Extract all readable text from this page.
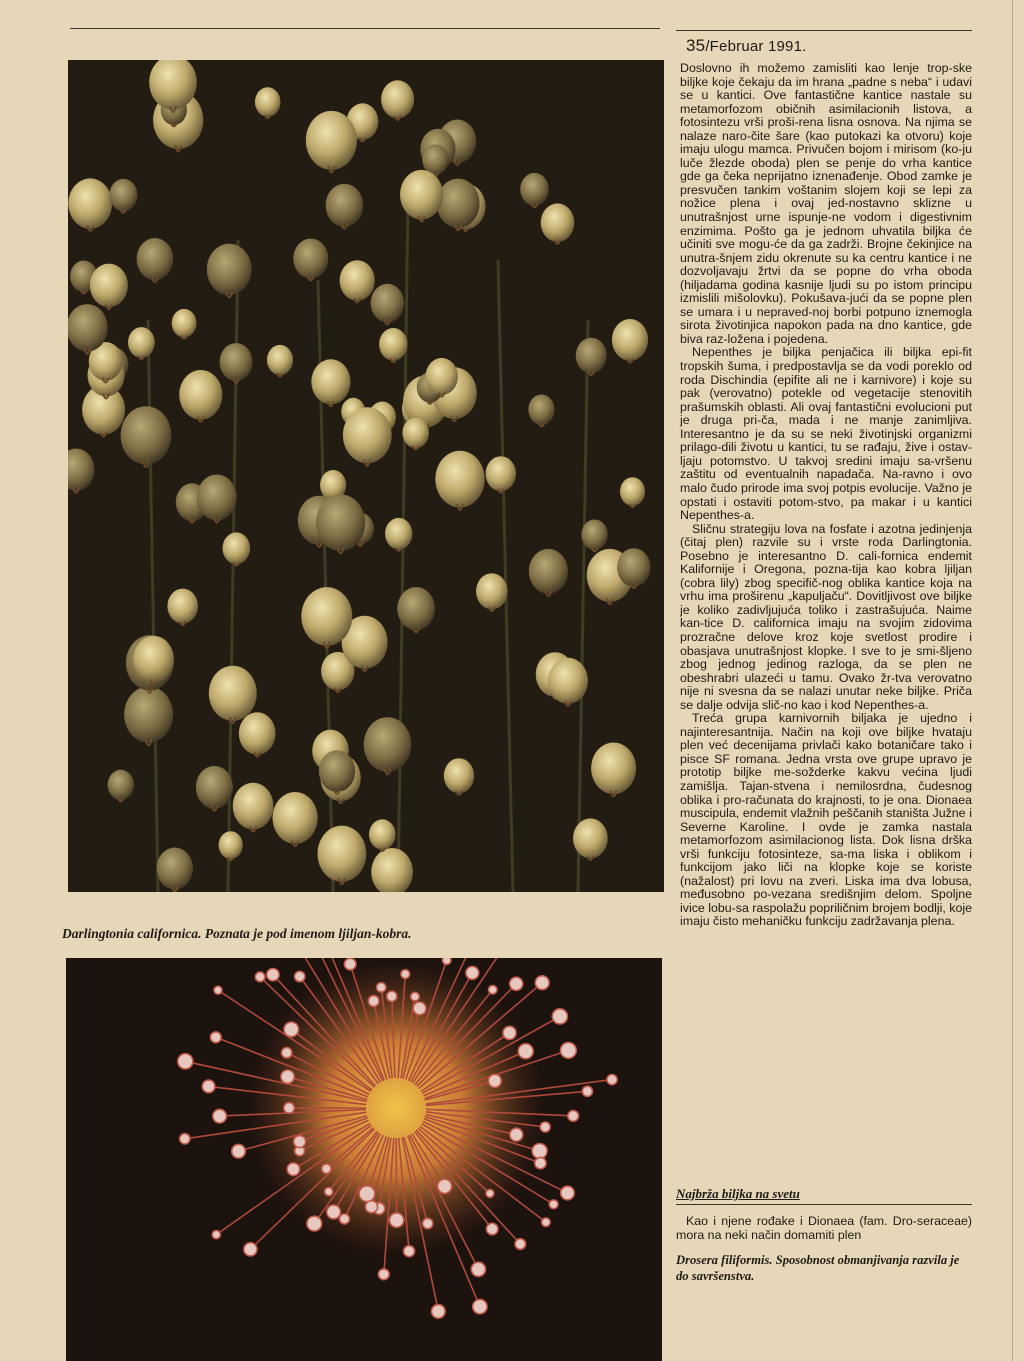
35/Februar 1991.
Darlingtonia californica. Poznata je pod imenom ljiljan-kobra.

Doslovno ih možemo zamisliti kao lenje trop-ske biljke koje čekaju da im hrana „padne s neba“ i udavi se u kantici. Ove fantastične kantice nastale su metamorfozom običnih asimilacionih listova, a fotosintezu vrši proši-rena lisna osnova. Na njima se nalaze naro-čite šare (kao putokazi ka otvoru) koje imaju ulogu mamca. Privučen bojom i mirisom (ko-ju luče žlezde oboda) plen se penje do vrha kantice gde ga čeka neprijatno iznenađenje. Obod zamke je presvučen tankim voštanim slojem koji se lepi za nožice plena i ovaj jed-nostavno sklizne u unutrašnjost urne ispunje-ne vodom i digestivnim enzimima. Pošto ga je jednom uhvatila biljka će učiniti sve mogu-će da ga zadrži. Brojne čekinjice na unutra-šnjem zidu okrenute su ka centru kantice i ne dozvoljavaju žrtvi da se popne do vrha oboda (hiljadama godina kasnije ljudi su po istom principu izmislili mišolovku). Pokušava-jući da se popne plen se umara i u nepraved-noj borbi potpuno iznemogla sirota životinjica napokon pada na dno kantice, gde biva raz-ložena i pojedena.

Nepenthes je biljka penjačica ili biljka epi-fit tropskih šuma, i predpostavlja se da vodi poreklo od roda Dischindia (epifite ali ne i karnivore) i koje su pak (verovatno) potekle od vegetacije stenovitih prašumskih oblasti. Ali ovaj fantastični evolucioni put je druga pri-ča, mada i ne manje zanimljiva. Interesantno je da su se neki životinjski organizmi prilago-dili životu u kantici, tu se rađaju, žive i ostav-ljaju potomstvo. U takvoj sredini imaju sa-vršenu zaštitu od eventualnih napadača. Na-ravno i ovo malo čudo prirode ima svoj potpis evolucije. Važno je opstati i ostaviti potom-stvo, pa makar i u kantici Nepenthes-a.

Sličnu strategiju lova na fosfate i azotna jedinjenja (čitaj plen) razvile su i vrste roda Darlingtonia. Posebno je interesantno D. cali-fornica endemit Kalifornije i Oregona, pozna-tija kao kobra ljiljan (cobra lily) zbog specifič-nog oblika kantice koja na vrhu ima proširenu „kapuljaču“. Dovitljivost ove biljke je koliko zadivljujuća toliko i zastrašujuća. Naime kan-tice D. californica imaju na svojim zidovima prozračne delove kroz koje svetlost prodire i obasjava unutrašnjost klopke. I sve to je smi-šljeno zbog jednog jedinog razloga, da se plen ne obeshrabri ulazeći u tamu. Ovako žr-tva verovatno nije ni svesna da se nalazi unutar neke biljke. Priča se dalje odvija slič-no kao i kod Nepenthes-a.

Treća grupa karnivornih biljaka je ujedno i najinteresantnija. Način na koji ove biljke hvataju plen već decenijama privlači kako botaničare tako i pisce SF romana. Jedna vrsta ove grupe upravo je prototip biljke me-sožderke kakvu većina ljudi zamišlja. Tajan-stvena i nemilosrdna, čudesnog oblika i pro-računata do krajnosti, to je ona. Dionaea muscipula, endemit vlažnih peščanih staništa Južne i Severne Karoline. I ovde je zamka nastala metamorfozom asimilacionog lista. Dok lisna drška vrši funkciju fotosinteze, sa-ma liska i oblikom i funkcijom jako liči na klopke koje se koriste (nažalost) pri lovu na zveri. Liska ima dva lobusa, međusobno po-vezana središnjim delom. Spoljne ivice lobu-sa raspolažu popriličnim brojem bodlji, koje imaju čisto mehaničku funkciju zadržavanja plena.

Najbrža biljka na svetu

Kao i njene rođake i Dionaea (fam. Dro-seraceae) mora na neki način domamiti plen

Drosera filiformis. Sposobnost obmanjivanja razvila je do savršenstva.
